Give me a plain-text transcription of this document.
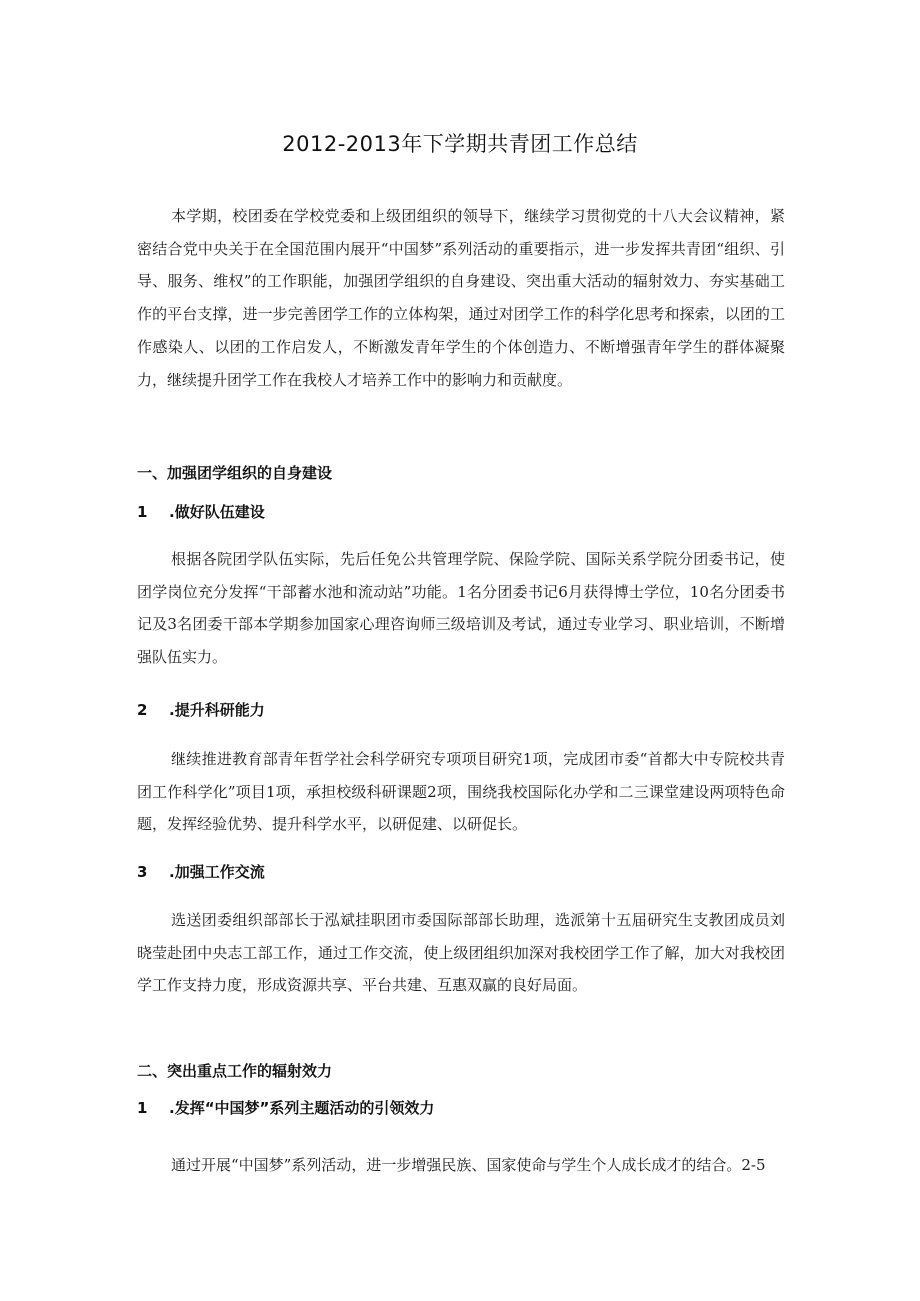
2012-2013年下学期共青团工作总结

本学期，校团委在学校党委和上级团组织的领导下，继续学习贯彻党的十八大会议精神，紧密结合党中央关于在全国范围内展开“中国梦”系列活动的重要指示，进一步发挥共青团“组织、引导、服务、维权”的工作职能，加强团学组织的自身建设、突出重大活动的辐射效力、夯实基础工作的平台支撑，进一步完善团学工作的立体构架，通过对团学工作的科学化思考和探索，以团的工作感染人、以团的工作启发人，不断激发青年学生的个体创造力、不断增强青年学生的群体凝聚力，继续提升团学工作在我校人才培养工作中的影响力和贡献度。

一、加强团学组织的自身建设
1 .做好队伍建设

根据各院团学队伍实际，先后任免公共管理学院、保险学院、国际关系学院分团委书记，使团学岗位充分发挥“干部蓄水池和流动站”功能。1名分团委书记6月获得博士学位，10名分团委书记及3名团委干部本学期参加国家心理咨询师三级培训及考试，通过专业学习、职业培训，不断增强队伍实力。

2 .提升科研能力

继续推进教育部青年哲学社会科学研究专项项目研究1项，完成团市委“首都大中专院校共青团工作科学化”项目1项，承担校级科研课题2项，围绕我校国际化办学和二三课堂建设两项特色命题，发挥经验优势、提升科学水平，以研促建、以研促长。

3 .加强工作交流

选送团委组织部部长于泓斌挂职团市委国际部部长助理，选派第十五届研究生支教团成员刘晓莹赴团中央志工部工作，通过工作交流，使上级团组织加深对我校团学工作了解，加大对我校团学工作支持力度，形成资源共享、平台共建、互惠双赢的良好局面。

二、突出重点工作的辐射效力
1 .发挥“中国梦”系列主题活动的引领效力

通过开展“中国梦”系列活动，进一步增强民族、国家使命与学生个人成长成才的结合。2-5
